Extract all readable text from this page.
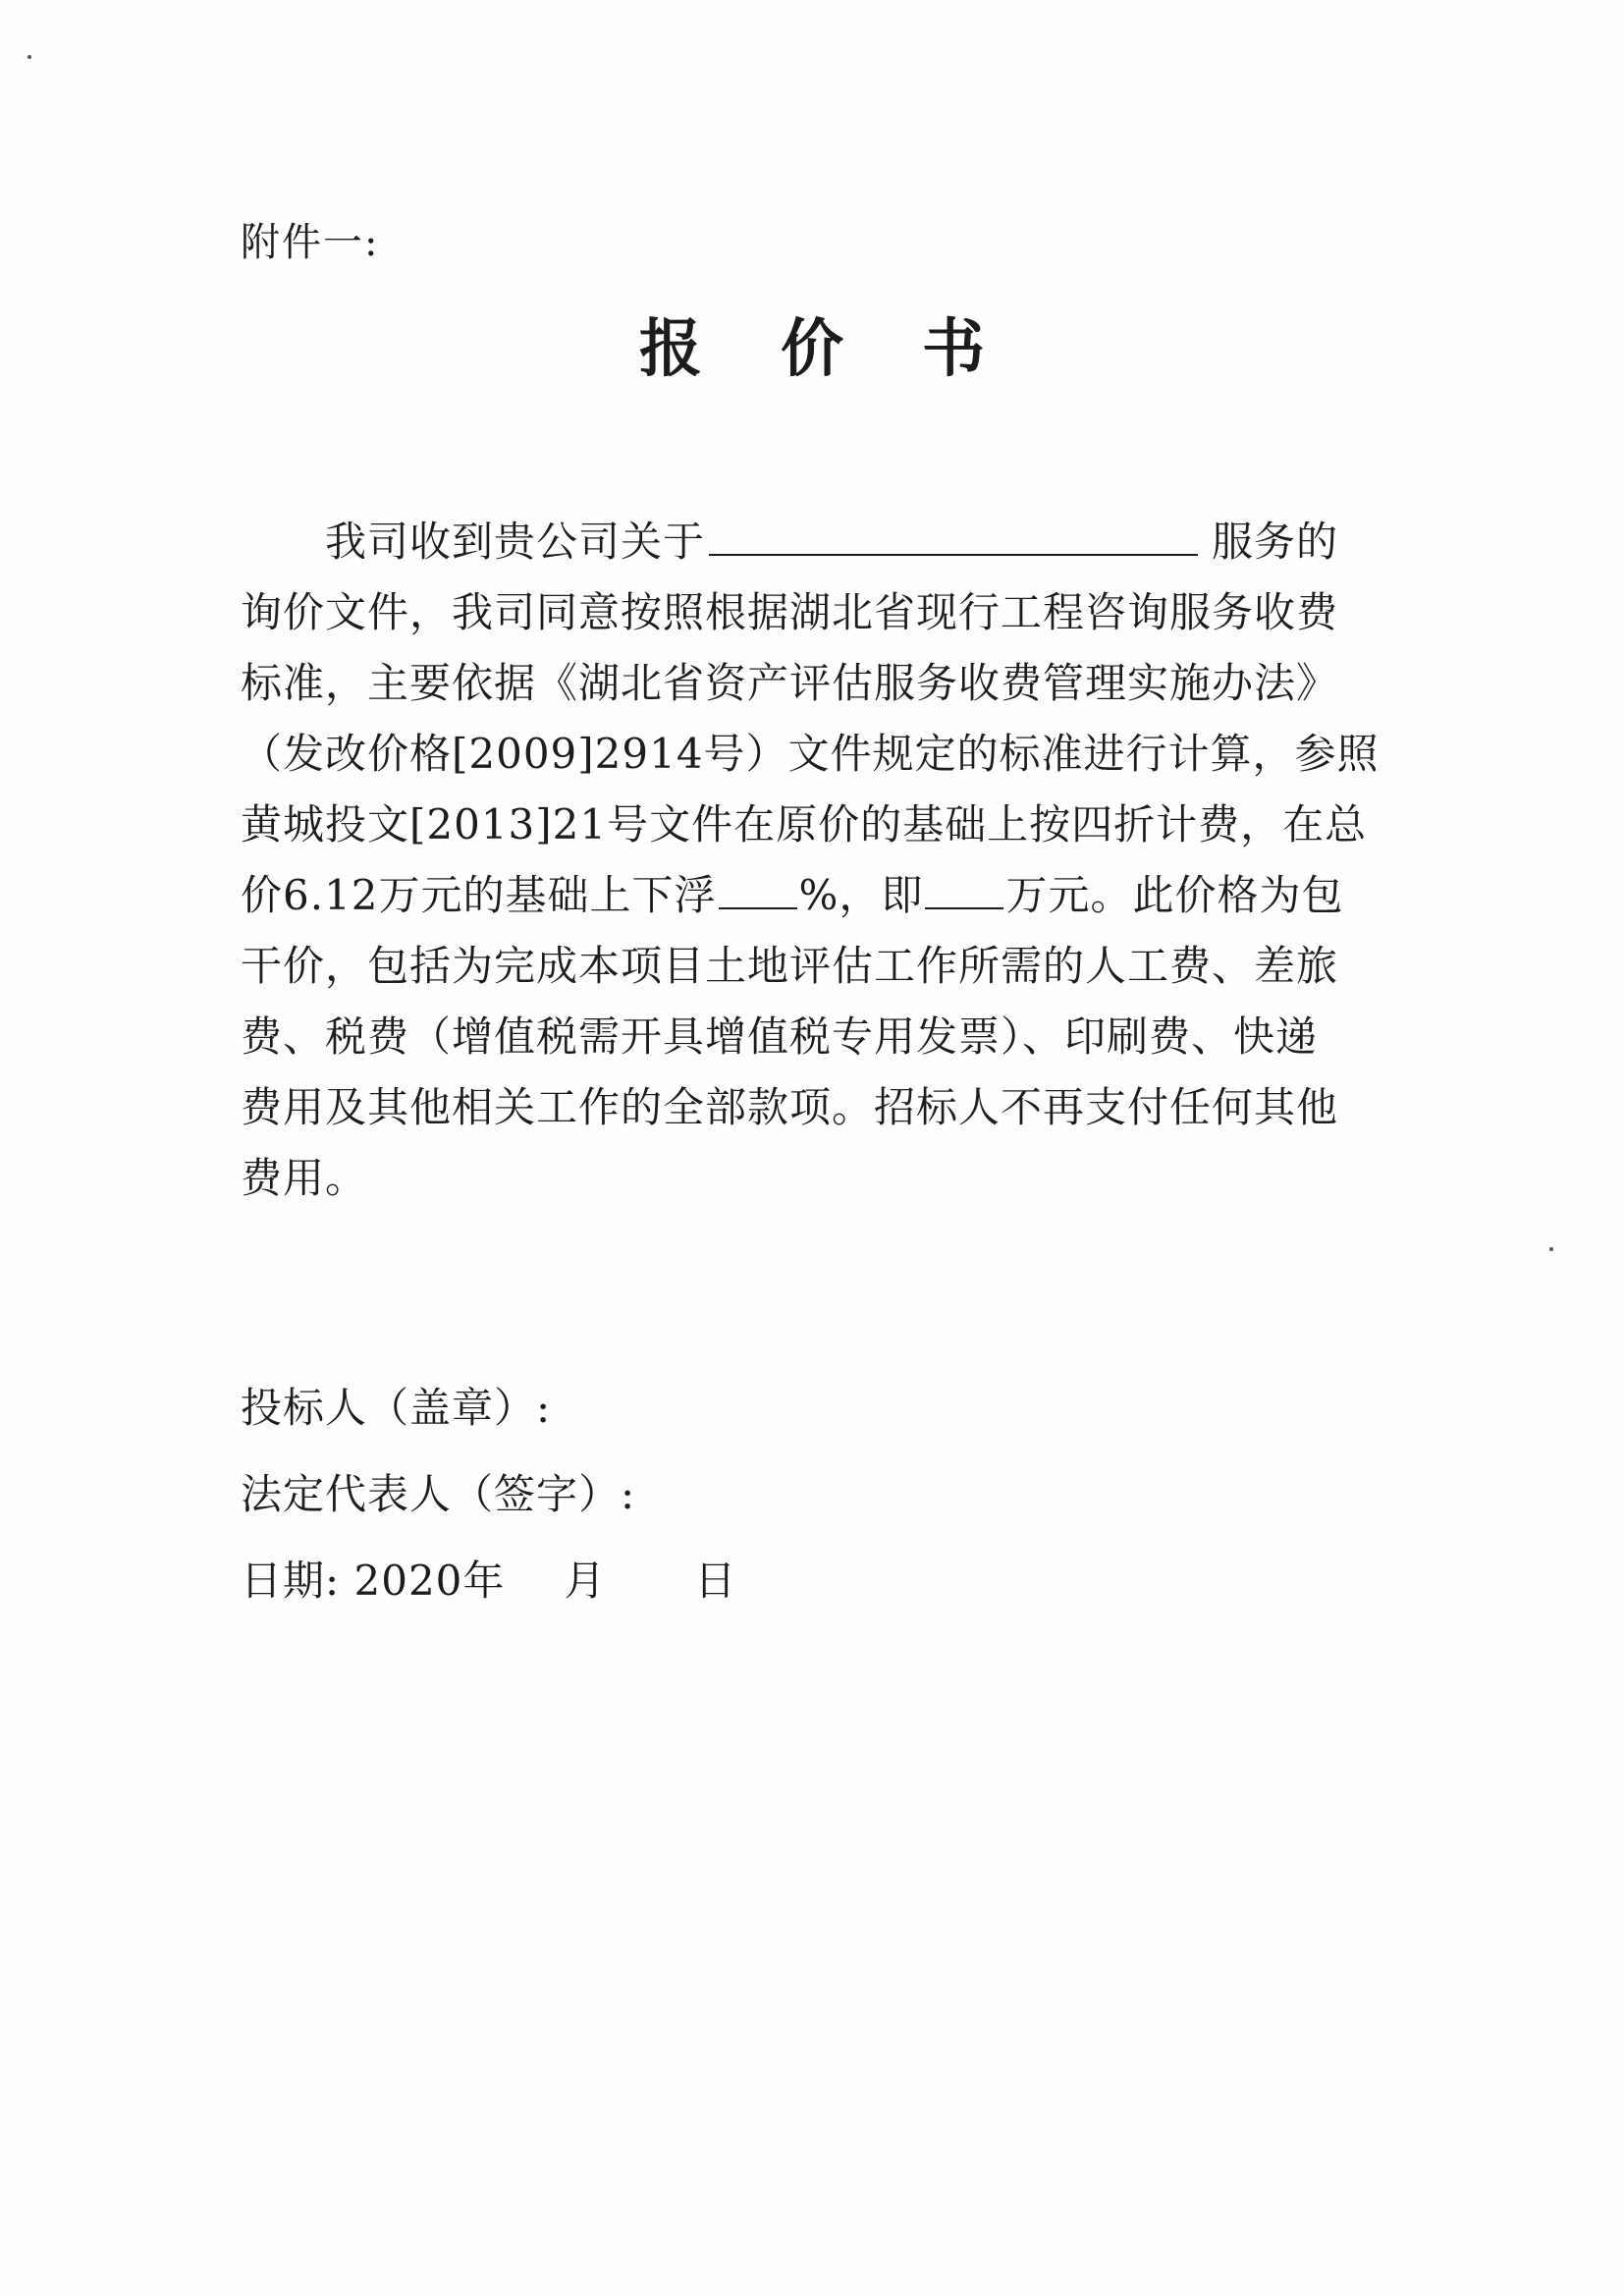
附件一:
报 价 书
我司收到贵公司关于	服务的
询价文件，我司同意按照根据湖北省现行工程咨询服务收费
标准，主要依据《湖北省资产评估服务收费管理实施办法》
（发改价格[2009]2914号）文件规定的标准进行计算，参照
黄城投文[2013]21号文件在原价的基础上按四折计费，在总
价6.12万元的基础上下浮 %，即 万元。此价格为包
干价，包括为完成本项目土地评估工作所需的人工费、差旅
费、税费（增值税需开具增值税专用发票）、印刷费、快递
费用及其他相关工作的全部款项。招标人不再支付任何其他
费用。
投标人（盖章）:
法定代表人（签字）:
日期: 2020年 月 日
